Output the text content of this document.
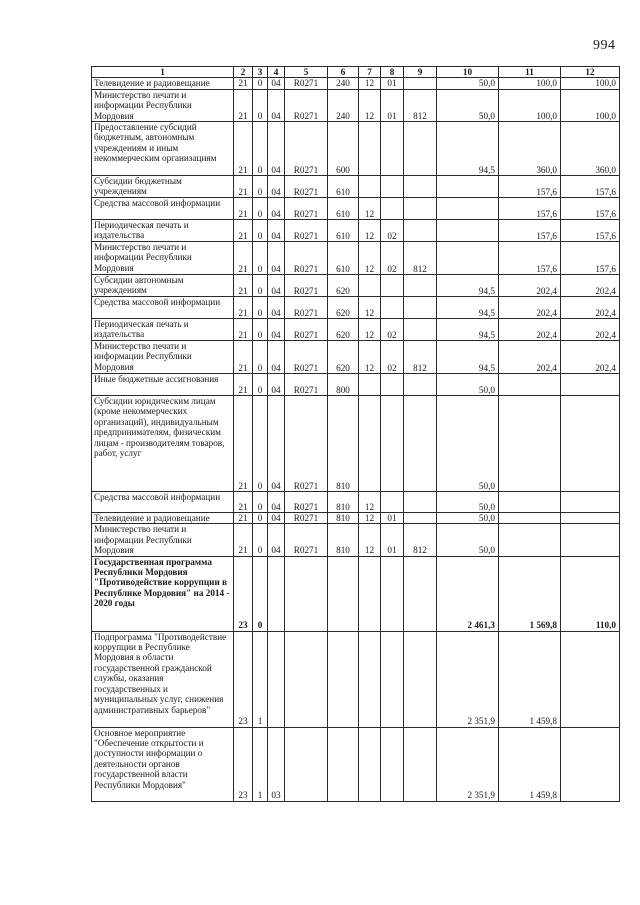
994
1	2	3	4	5	6	7	8	9	10	11	12
Телевидение и радиовещание	21	0	04	R0271	240	12	01		50,0	100,0	100,0
Министерство печати и информации Республики Мордовия	21	0	04	R0271	240	12	01	812	50,0	100,0	100,0
Предоставление субсидий бюджетным, автономным учреждениям и иным некоммерческим организациям	21	0	04	R0271	600				94,5	360,0	360,0
Субсидии бюджетным учреждениям	21	0	04	R0271	610					157,6	157,6
Средства массовой информации	21	0	04	R0271	610	12				157,6	157,6
Периодическая печать и издательства	21	0	04	R0271	610	12	02			157,6	157,6
Министерство печати и информации Республики Мордовия	21	0	04	R0271	610	12	02	812		157,6	157,6
Субсидии автономным учреждениям	21	0	04	R0271	620				94,5	202,4	202,4
Средства массовой информации	21	0	04	R0271	620	12			94,5	202,4	202,4
Периодическая печать и издательства	21	0	04	R0271	620	12	02		94,5	202,4	202,4
Министерство печати и информации Республики Мордовия	21	0	04	R0271	620	12	02	812	94,5	202,4	202,4
Иные бюджетные ассигнования	21	0	04	R0271	800				50,0		
Субсидии юридическим лицам (кроме некоммерческих организаций), индивидуальным предпринимателям, физическим лицам - производителям товаров, работ, услуг	21	0	04	R0271	810				50,0		
Средства массовой информации	21	0	04	R0271	810	12			50,0		
Телевидение и радиовещание	21	0	04	R0271	810	12	01		50,0		
Министерство печати и информации Республики Мордовия	21	0	04	R0271	810	12	01	812	50,0		
Государственная программа Республики Мордовия "Противодействие коррупции в Республике Мордовия" на 2014 - 2020 годы	23	0							2 461,3	1 569,8	110,0
Подпрограмма "Противодействие коррупции в Республике Мордовия в области государственной гражданской службы, оказания государственных и муниципальных услуг, снижения административных барьеров"	23	1							2 351,9	1 459,8	
Основное мероприятие "Обеспечение открытости и доступности информации о деятельности органов государственной власти Республики Мордовия"	23	1	03						2 351,9	1 459,8	
